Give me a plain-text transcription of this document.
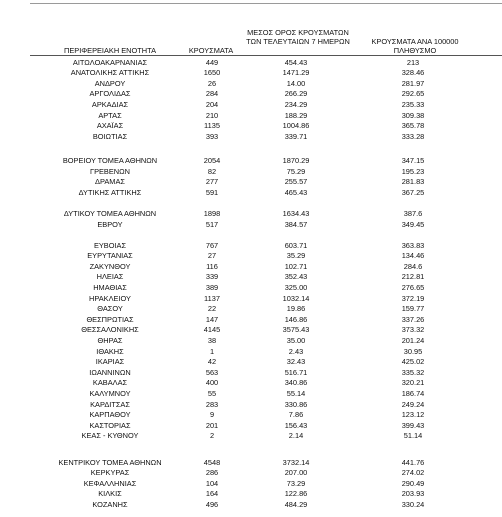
ΠΕΡΙΦΕΡΕΙΑΚΗ ΕΝΟΤΗΤΑ	ΚΡΟΥΣΜΑΤΑ
ΜΕΣΟΣ ΟΡΟΣ ΚΡΟΥΣΜΑΤΩΝ
ΤΩΝ ΤΕΛΕΥΤΑΙΩΝ 7 ΗΜΕΡΩΝ	ΚΡΟΥΣΜΑΤΑ ΑΝΑ 100000
ΠΛΗΘΥΣΜΟ
ΑΙΤΩΛΟΑΚΑΡΝΑΝΙΑΣ	449	454.43	213
ΑΝΑΤΟΛΙΚΗΣ ΑΤΤΙΚΗΣ	1650	1471.29	328.46
ΑΝΔΡΟΥ	26	14.00	281.97
ΑΡΓΟΛΙΔΑΣ	284	266.29	292.65
ΑΡΚΑΔΙΑΣ	204	234.29	235.33
ΑΡΤΑΣ	210	188.29	309.38
ΑΧΑΪΑΣ	1135	1004.86	365.78
ΒΟΙΩΤΙΑΣ	393	339.71	333.28
ΒΟΡΕΙΟΥ ΤΟΜΕΑ ΑΘΗΝΩΝ	2054	1870.29	347.15
ΓΡΕΒΕΝΩΝ	82	75.29	195.23
ΔΡΑΜΑΣ	277	255.57	281.83
ΔΥΤΙΚΗΣ ΑΤΤΙΚΗΣ	591	465.43	367.25
ΔΥΤΙΚΟΥ ΤΟΜΕΑ ΑΘΗΝΩΝ	1898	1634.43	387.6
ΕΒΡΟΥ	517	384.57	349.45
ΕΥΒΟΙΑΣ	767	603.71	363.83
ΕΥΡΥΤΑΝΙΑΣ	27	35.29	134.46
ΖΑΚΥΝΘΟΥ	116	102.71	284.6
ΗΛΕΙΑΣ	339	352.43	212.81
ΗΜΑΘΙΑΣ	389	325.00	276.65
ΗΡΑΚΛΕΙΟΥ	1137	1032.14	372.19
ΘΑΣΟΥ	22	19.86	159.77
ΘΕΣΠΡΩΤΙΑΣ	147	146.86	337.26
ΘΕΣΣΑΛΟΝΙΚΗΣ	4145	3575.43	373.32
ΘΗΡΑΣ	38	35.00	201.24
ΙΘΑΚΗΣ	1	2.43	30.95
ΙΚΑΡΙΑΣ	42	32.43	425.02
ΙΩΑΝΝΙΝΩΝ	563	516.71	335.32
ΚΑΒΑΛΑΣ	400	340.86	320.21
ΚΑΛΥΜΝΟΥ	55	55.14	186.74
ΚΑΡΔΙΤΣΑΣ	283	330.86	249.24
ΚΑΡΠΑΘΟΥ	9	7.86	123.12
ΚΑΣΤΟΡΙΑΣ	201	156.43	399.43
ΚΕΑΣ - ΚΥΘΝΟΥ	2	2.14	51.14
ΚΕΝΤΡΙΚΟΥ ΤΟΜΕΑ ΑΘΗΝΩΝ	4548	3732.14	441.76
ΚΕΡΚΥΡΑΣ	286	207.00	274.02
ΚΕΦΑΛΛΗΝΙΑΣ	104	73.29	290.49
ΚΙΛΚΙΣ	164	122.86	203.93
ΚΟΖΑΝΗΣ	496	484.29	330.24
